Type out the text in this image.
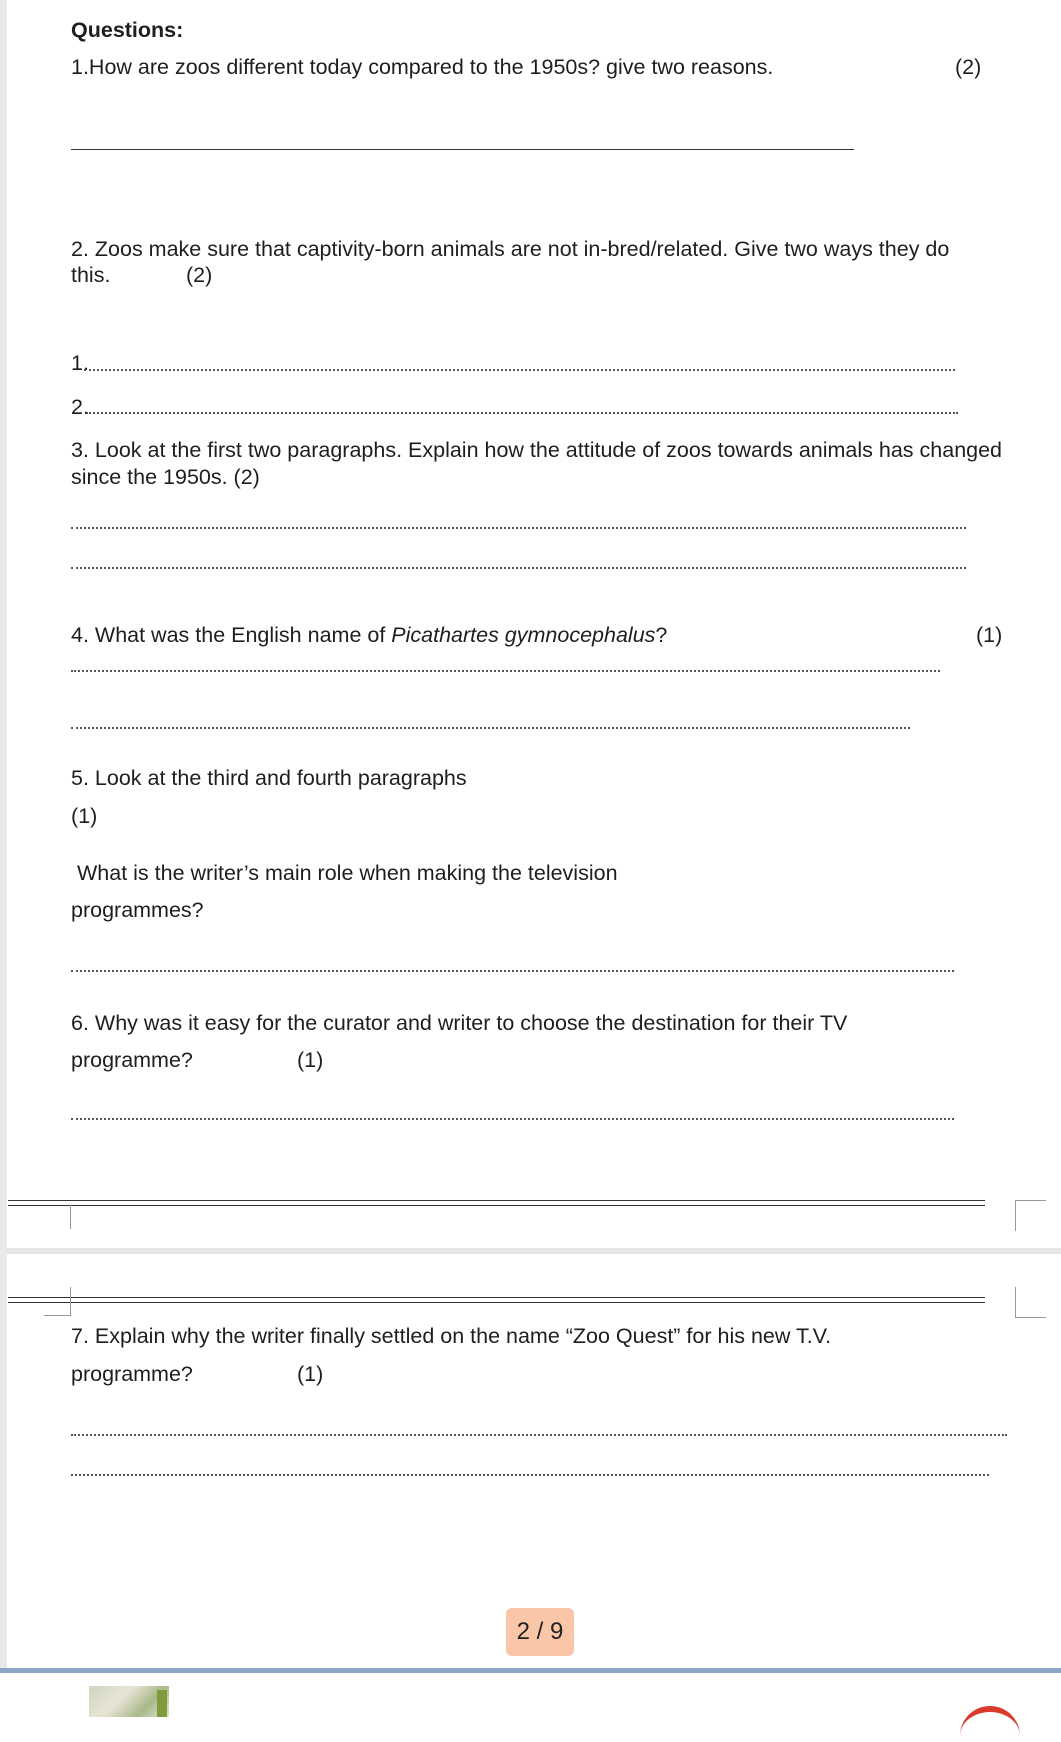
Questions:
1.How are zoos different today compared to the 1950s? give two reasons.	(2)
2. Zoos make sure that captivity-born animals are not in-bred/related. Give two ways they do
this.	(2)
1.
2.
3. Look at the first two paragraphs. Explain how the attitude of zoos towards animals has changed
since the 1950s. (2)
4. What was the English name of Picathartes gymnocephalus?	(1)
5. Look at the third and fourth paragraphs
(1)
What is the writer’s main role when making the television
programmes?
6. Why was it easy for the curator and writer to choose the destination for their TV
programme?	(1)
7. Explain why the writer finally settled on the name “Zoo Quest” for his new T.V.
programme?	(1)
2 / 9
